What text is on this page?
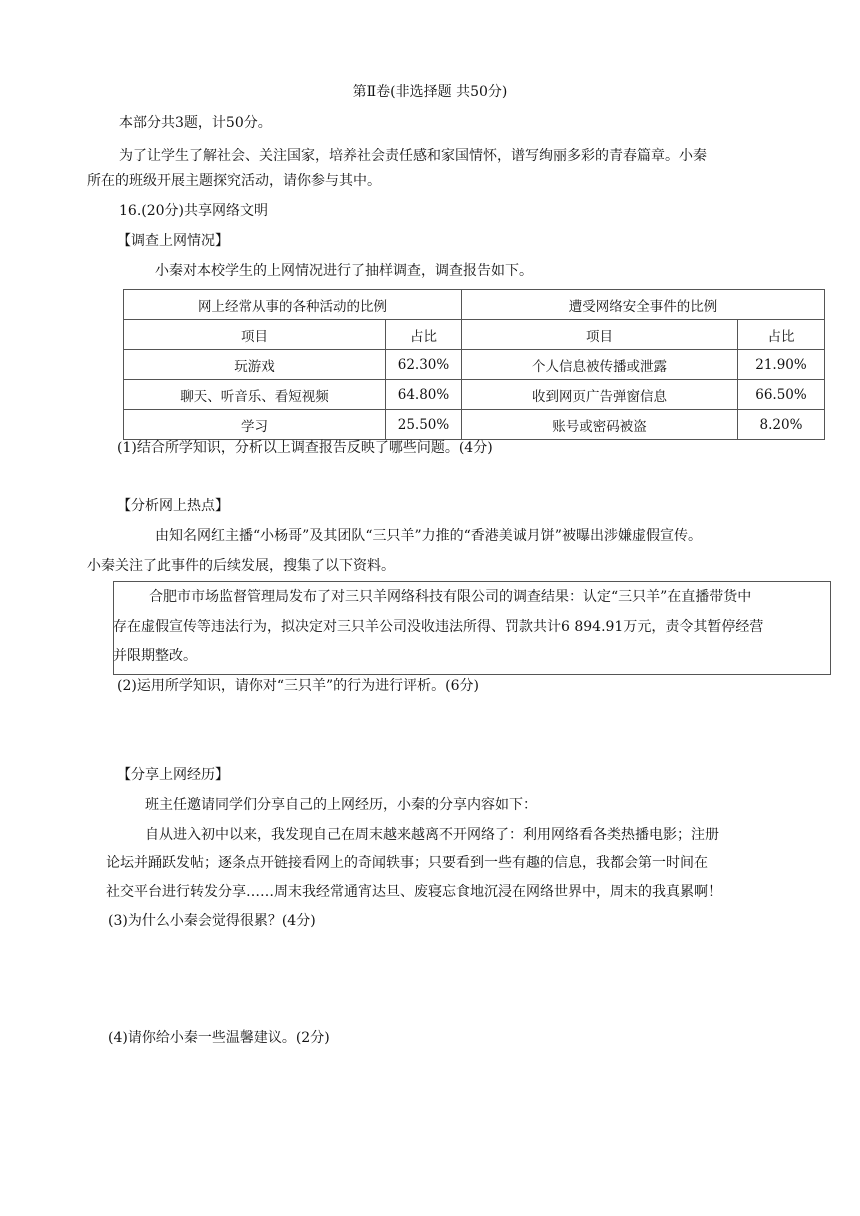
第Ⅱ卷(非选择题 共50分)
本部分共3题，计50分。
为了让学生了解社会、关注国家，培养社会责任感和家国情怀，谱写绚丽多彩的青春篇章。小秦
所在的班级开展主题探究活动，请你参与其中。
16.(20分)共享网络文明
【调查上网情况】
小秦对本校学生的上网情况进行了抽样调查，调查报告如下。
网上经常从事的各种活动的比例		遭受网络安全事件的比例	
项目	占比	项目	占比
玩游戏	62.30%	个人信息被传播或泄露	21.90%
聊天、听音乐、看短视频	64.80%	收到网页广告弹窗信息	66.50%
学习	25.50%	账号或密码被盗	8.20%
(1)结合所学知识，分析以上调查报告反映了哪些问题。(4分)
【分析网上热点】
由知名网红主播“小杨哥”及其团队“三只羊”力推的“香港美诚月饼”被曝出涉嫌虚假宣传。
小秦关注了此事件的后续发展，搜集了以下资料。
合肥市市场监督管理局发布了对三只羊网络科技有限公司的调查结果：认定“三只羊”在直播带货中
存在虚假宣传等违法行为，拟决定对三只羊公司没收违法所得、罚款共计6 894.91万元，责令其暂停经营
并限期整改。
(2)运用所学知识，请你对“三只羊”的行为进行评析。(6分)
【分享上网经历】
班主任邀请同学们分享自己的上网经历，小秦的分享内容如下：
自从进入初中以来，我发现自己在周末越来越离不开网络了：利用网络看各类热播电影；注册
论坛并踊跃发帖；逐条点开链接看网上的奇闻轶事；只要看到一些有趣的信息，我都会第一时间在
社交平台进行转发分享……周末我经常通宵达旦、废寝忘食地沉浸在网络世界中，周末的我真累啊！
(3)为什么小秦会觉得很累？(4分)
(4)请你给小秦一些温馨建议。(2分)
